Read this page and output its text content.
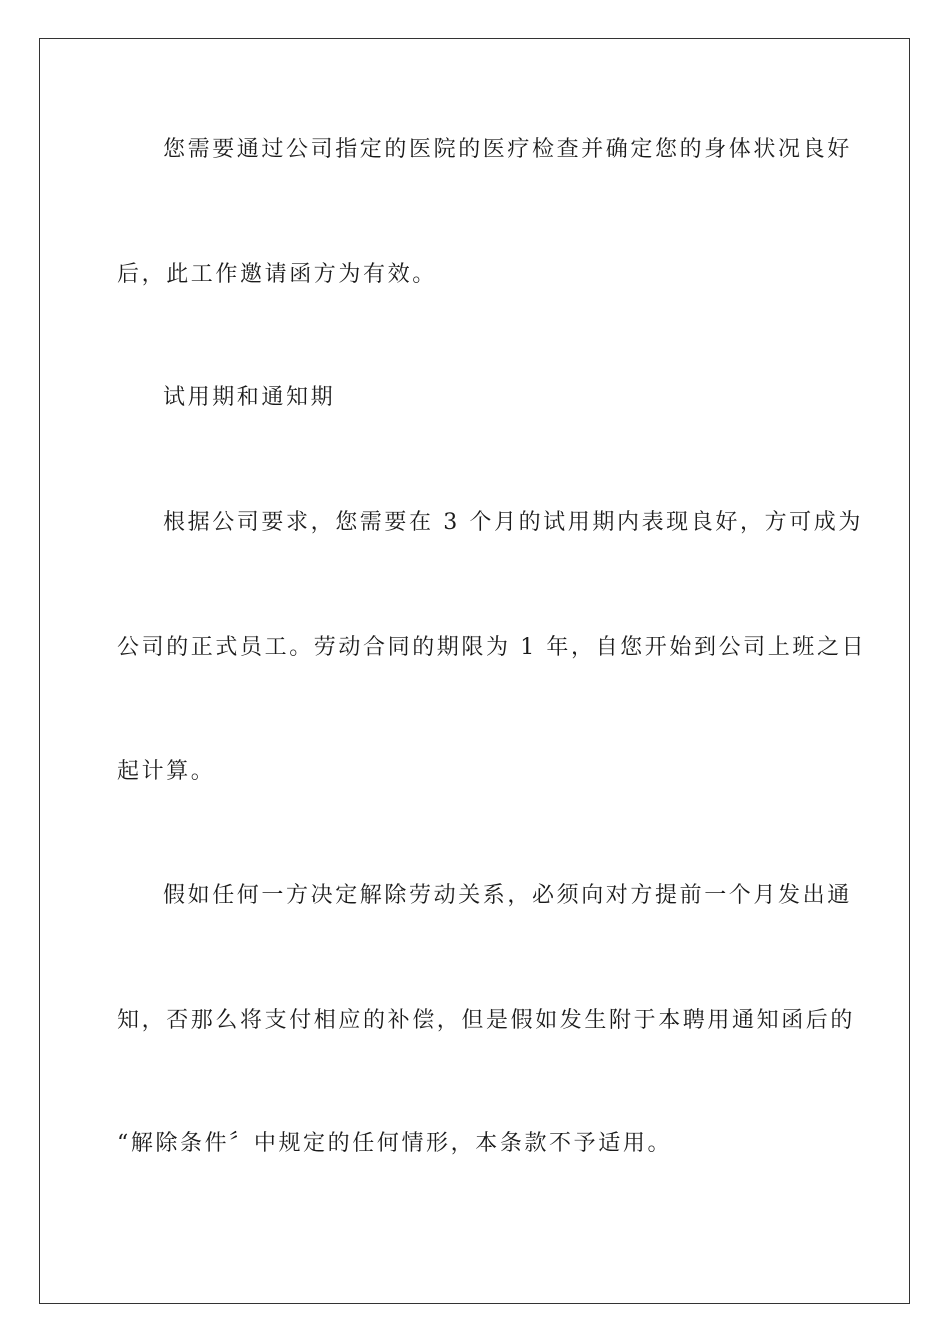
您需要通过公司指定的医院的医疗检查并确定您的身体状况良好
后，此工作邀请函方为有效。
试用期和通知期
根据公司要求，您需要在 3 个月的试用期内表现良好，方可成为
公司的正式员工。劳动合同的期限为 1 年，自您开始到公司上班之日
起计算。
假如任何一方决定解除劳动关系，必须向对方提前一个月发出通
知，否那么将支付相应的补偿，但是假如发生附于本聘用通知函后的
“解除条件〞中规定的任何情形，本条款不予适用。
